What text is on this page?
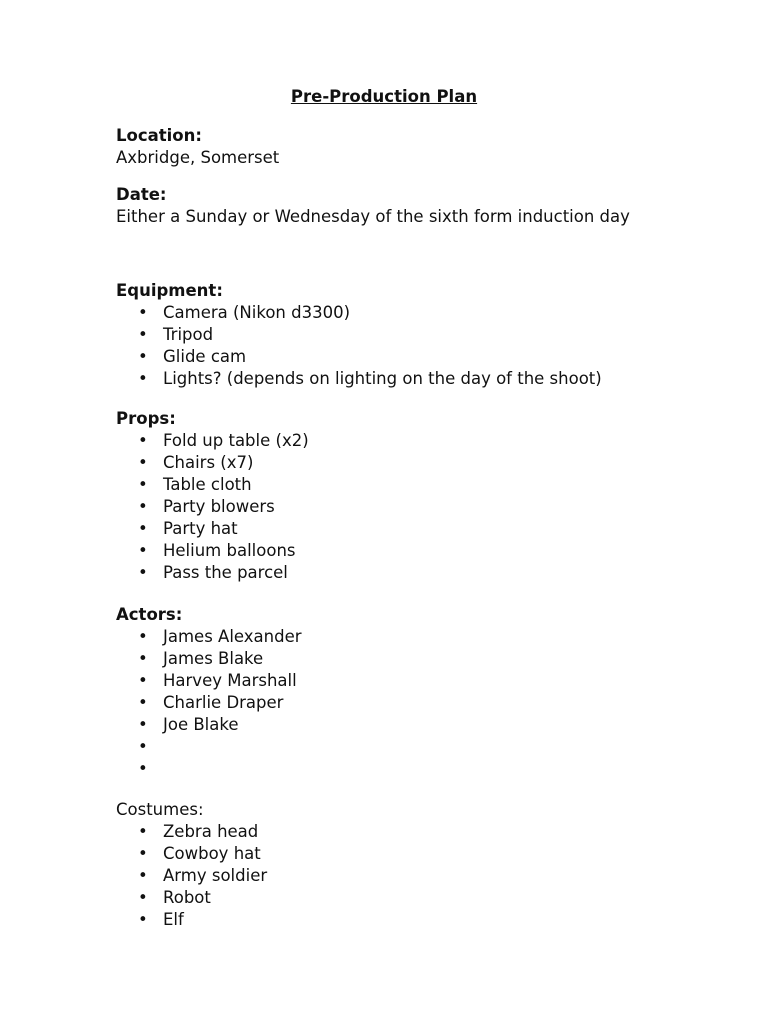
Pre-Production Plan

Location:

Axbridge, Somerset

Date:

Either a Sunday or Wednesday of the sixth form induction day

Equipment:

• Camera (Nikon d3300)
• Tripod
• Glide cam
• Lights? (depends on lighting on the day of the shoot)

Props:

• Fold up table (x2)
• Chairs (x7)
• Table cloth
• Party blowers
• Party hat
• Helium balloons
• Pass the parcel

Actors:

• James Alexander
• James Blake
• Harvey Marshall
• Charlie Draper
• Joe Blake
•
•

Costumes:

• Zebra head
• Cowboy hat
• Army soldier
• Robot
• Elf
